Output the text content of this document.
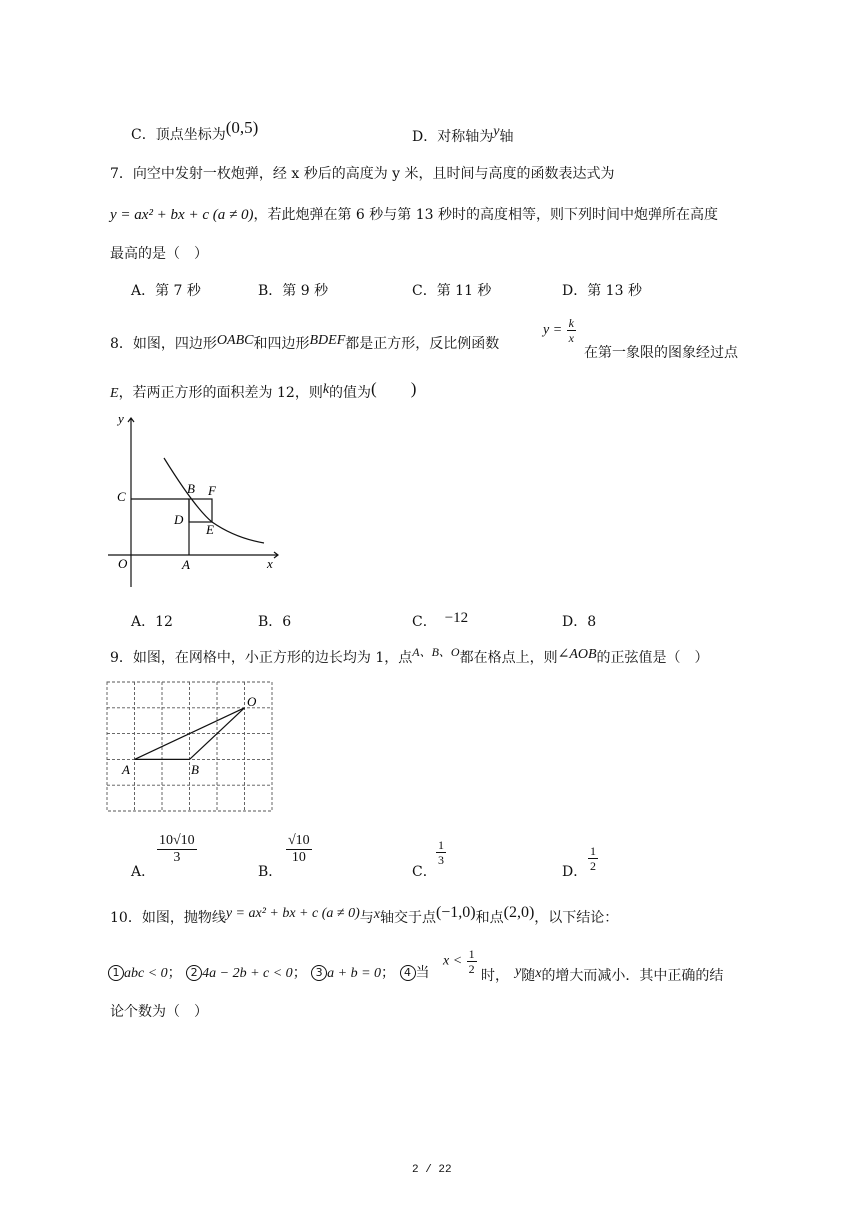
C．顶点坐标为(0,5)	D．对称轴为y轴
7．向空中发射一枚炮弹，经 x 秒后的高度为 y 米，且时间与高度的函数表达式为
y = ax² + bx + c (a ≠ 0)，若此炮弹在第 6 秒与第 13 秒时的高度相等，则下列时间中炮弹所在高度
最高的是（　）
A．第 7 秒	B．第 9 秒	C．第 11 秒	D．第 13 秒
8．如图，四边形OABC和四边形BDEF都是正方形，反比例函数
$y = \frac{k}{x}$
在第一象限的图象经过点
E，若两正方形的面积差为 12，则k的值为(　　)
y
x
O	A
B
C
D
E
F
A．12	B．6	C． −12	D．8
9．如图，在网格中，小正方形的边长均为 1，点A、B、O都在格点上，则∠AOB的正弦值是（　）
O
A	B
A．
$\frac{10√10}{3}$
B．
$\frac{√10}{10}$
C．
$\frac{1}{3}$
D． $\frac{1}{2}$
10．如图，抛物线y = ax² + bx + c (a ≠ 0)与x轴交于点(−1,0)和点(2,0)，以下结论：
1 abc < 0； 2 4a − 2b + c < 0； 3 a + b = 0； 4 当
$x < \frac{1}{2}$ 时， y随x的增大而减小．其中正确的结
论个数为（　）
2 / 22
